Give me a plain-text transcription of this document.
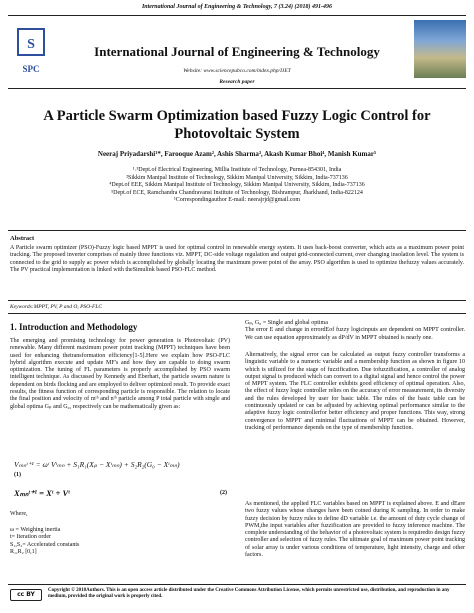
International Journal of Engineering & Technology, 7 (3.24) (2018) 491-496
S
SPC
International Journal of Engineering & Technology
Website: www.sciencepubco.com/index.php/IJET
Research paper
A Particle Swarm Optimization based Fuzzy Logic Control for Photovoltaic System
Neeraj Priyadarshi¹*, Farooque Azam², Ashis Sharma³, Akash Kumar Bhoi⁴, Manish Kumar⁵
¹˒³Dept.of Electrical Engineering, Millia Institute of Technology, Purnea-854301, India
²Sikkim Manipal Institute of Technology, Sikkim Manipal University, Sikkim, India-737136
⁴Dept.of EEE, Sikkim Manipal Institute of Technology, Sikkim Manipal University, Sikkim, India-737136
⁵Dept.of ECE, Ramchandra Chandravansi Institute of Technology, Bishrampur, Jharkhand, India-822124
¹Correspondingauthor E-mail: neerajrjd@gmail.com
Abstract
A Particle swarm optimizer (PSO)-Fuzzy logic based MPPT is used for optimal control in renewable energy system. It uses back-boost converter, which acts as a maximum power point tracking. The proposed inverter comprises of mainly three functions viz. MPPT, DC-side voltage regulation and output grid-connected current, over changing insolation level. The system is connected to the grid to supply ac power which is accomplished by globally locating the maximum power point of the array. PSO algorithm is used to optimize thefuzzy values accurately. The PV practical implementation is linked with theSimulink based PSO-FLC method.
Keywords:MPPT, PV, P and O, PSO-FLC
1. Introduction and Methodology
The emerging and promising technology for power generation is Photovoltaic (PV) renewable. Many different maximum power point tracking (MPPT) techniques have been used for enhancing thetransformation efficiency[1-5].Here we explain how PSO-FLC hybrid algorithm execute and update MF's and how they are capable to doing swarm optimization. The tuning of FL parameters is properly accomplished by PSO swarm intelligent technique. As discussed by Kennedy and Eberhart, the particle swarm nature is dependent on birds flocking and are employed to deliver optimized result. To provide exact results, the fitness function of corresponding particle is responsible. The relation to locate the final position and velocity of mᵗʰ and nᵗʰ particle among P total particle with single and global optima Gₚ and G₀, respectively can be mathematically given as:
Vₘₙᵗ⁺¹ = ωᵗ Vᵗₘₙ + S₁R₁(Xₚ − Xᵗₘₙ) + S₂R₂(G₀ − Xᵗₘₙ)
(1)
Xₘₙᵗ⁺¹ = Xᵗ + Vᵗ	(2)
Where,
ω = Weighing inertia
t= Iteration order
S₁,S₂= Accelerated constants
R₁,R₂ [0,1]
Gₚ, G₀ = Single and global optima
The error E and change in errordEof fuzzy logicinputs are dependent on MPPT controller. We can use equation approximately as dP/dV in MPPT obtained is nearly one.
Alternatively, the signal error can be calculated as output fuzzy controller transforms a linguistic variable to a numeric variable and a membership function as shown in figure 10 which is utilized for the stage of fuzzification. Due tofuzzification, a controller of analog output signal is produced which can convert to a digital signal and hence control the power of MPPT system. The FLC controller exhibits good efficiency of optimal operation. Also, the effect of fuzzy logic controller relies on the accuracy of error measurement, its diversity and the rules developed by user for basic table. The rules of the basic table can be continuously updated or can be adjusted by achieving optimal performance similar to the adaptive fuzzy logic controllerfor better efficiency and proper functions. This way, strong convergence to MPPT and minimal fluctuations of MPPT can be obtained. However, tracking of performance depends on the type of membership function.
As mentioned, the applied FLC variables based on MPPT is explained above. E and dEare two fuzzy values whose changes have been coined during K sampling. In order to make fuzzy decision by fuzzy rules to define dD variable i.e. the amount of duty cycle change of PWM,the input variables after fuzzification are provided to fuzzy inference machine. The complete understanding of the behavior of a photovoltaic system is requiredto design fuzzy controller and selection of fuzzy rules. The ultimate goal of maximum power point tracking of solar array is under various conditions of temperature, light intensity, charge and other factors.
cc BY
Copyright © 2018Authors. This is an open access article distributed under the Creative Commons Attribution License, which permits unrestricted use, distribution, and reproduction in any medium, provided the original work is properly cited.
